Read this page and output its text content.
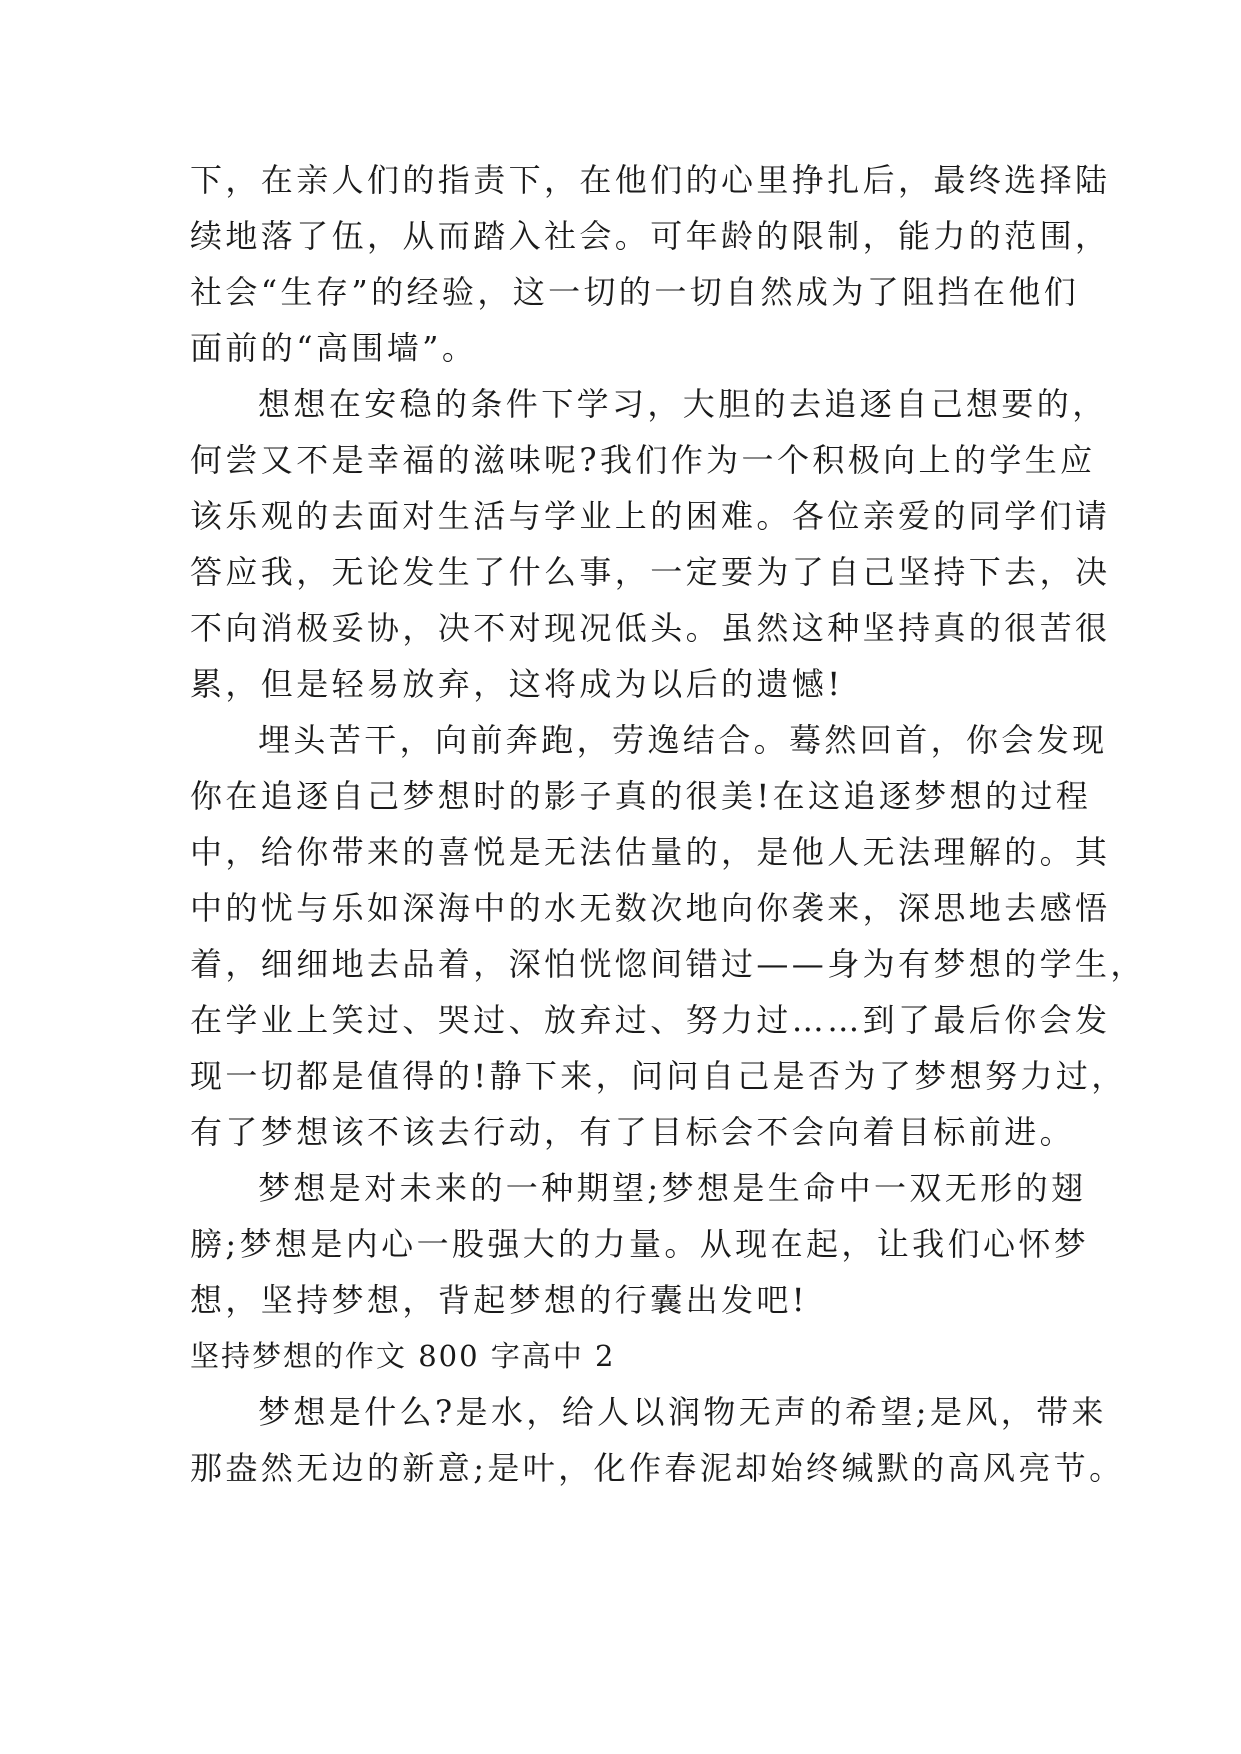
下，在亲人们的指责下，在他们的心里挣扎后，最终选择陆
续地落了伍，从而踏入社会。可年龄的限制，能力的范围，
社会“生存”的经验，这一切的一切自然成为了阻挡在他们
面前的“高围墙”。
想想在安稳的条件下学习，大胆的去追逐自己想要的，
何尝又不是幸福的滋味呢?我们作为一个积极向上的学生应
该乐观的去面对生活与学业上的困难。各位亲爱的同学们请
答应我，无论发生了什么事，一定要为了自己坚持下去，决
不向消极妥协，决不对现况低头。虽然这种坚持真的很苦很
累，但是轻易放弃，这将成为以后的遗憾!
埋头苦干，向前奔跑，劳逸结合。蓦然回首，你会发现
你在追逐自己梦想时的影子真的很美!在这追逐梦想的过程
中，给你带来的喜悦是无法估量的，是他人无法理解的。其
中的忧与乐如深海中的水无数次地向你袭来，深思地去感悟
着，细细地去品着，深怕恍惚间错过——身为有梦想的学生，
在学业上笑过、哭过、放弃过、努力过……到了最后你会发
现一切都是值得的!静下来，问问自己是否为了梦想努力过，
有了梦想该不该去行动，有了目标会不会向着目标前进。
梦想是对未来的一种期望;梦想是生命中一双无形的翅
膀;梦想是内心一股强大的力量。从现在起，让我们心怀梦
想，坚持梦想，背起梦想的行囊出发吧!
坚持梦想的作文 800 字高中 2
梦想是什么?是水，给人以润物无声的希望;是风，带来
那盎然无边的新意;是叶，化作春泥却始终缄默的高风亮节。
